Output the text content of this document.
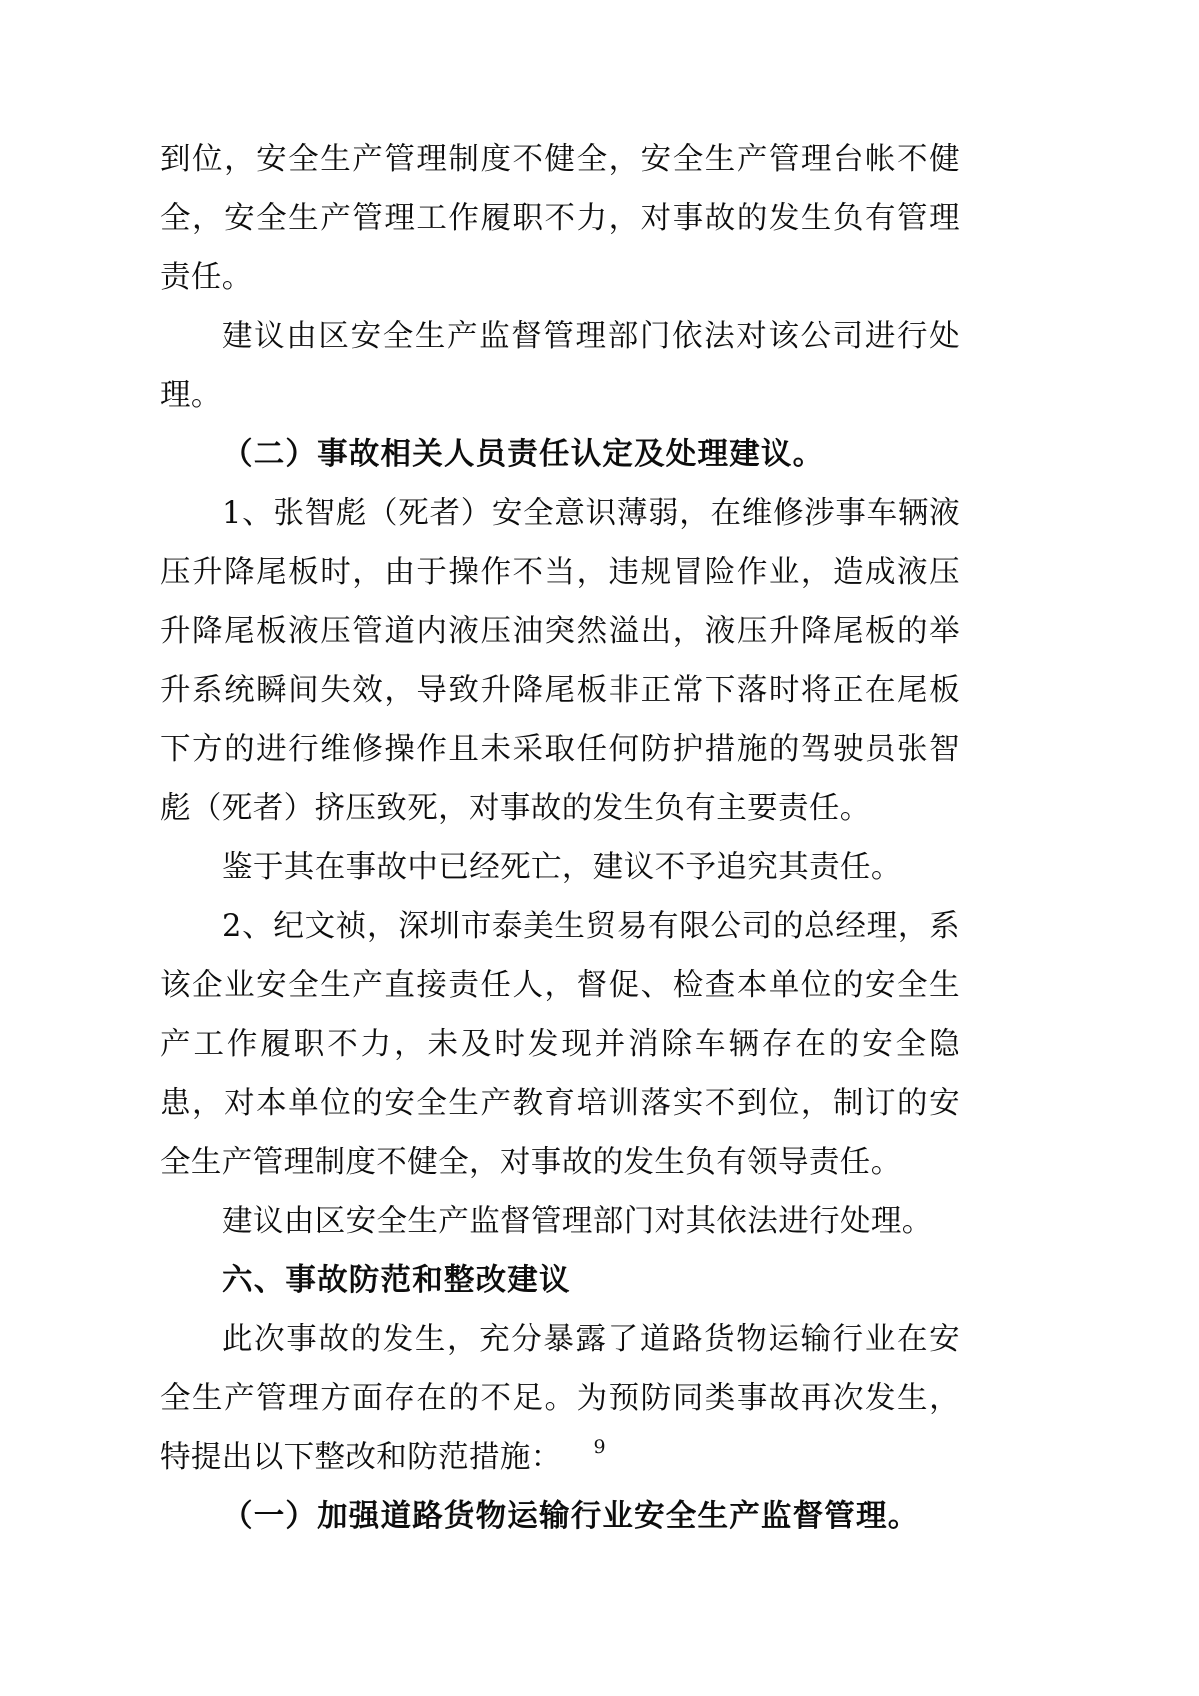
到位，安全生产管理制度不健全，安全生产管理台帐不健全，安全生产管理工作履职不力，对事故的发生负有管理责任。

建议由区安全生产监督管理部门依法对该公司进行处理。

（二）事故相关人员责任认定及处理建议。

1、张智彪（死者）安全意识薄弱，在维修涉事车辆液压升降尾板时，由于操作不当，违规冒险作业，造成液压升降尾板液压管道内液压油突然溢出，液压升降尾板的举升系统瞬间失效，导致升降尾板非正常下落时将正在尾板下方的进行维修操作且未采取任何防护措施的驾驶员张智彪（死者）挤压致死，对事故的发生负有主要责任。

鉴于其在事故中已经死亡，建议不予追究其责任。

2、纪文祯，深圳市泰美生贸易有限公司的总经理，系该企业安全生产直接责任人，督促、检查本单位的安全生产工作履职不力，未及时发现并消除车辆存在的安全隐患，对本单位的安全生产教育培训落实不到位，制订的安全生产管理制度不健全，对事故的发生负有领导责任。

建议由区安全生产监督管理部门对其依法进行处理。

六、事故防范和整改建议

此次事故的发生，充分暴露了道路货物运输行业在安全生产管理方面存在的不足。为预防同类事故再次发生，特提出以下整改和防范措施：

（一）加强道路货物运输行业安全生产监督管理。

9
